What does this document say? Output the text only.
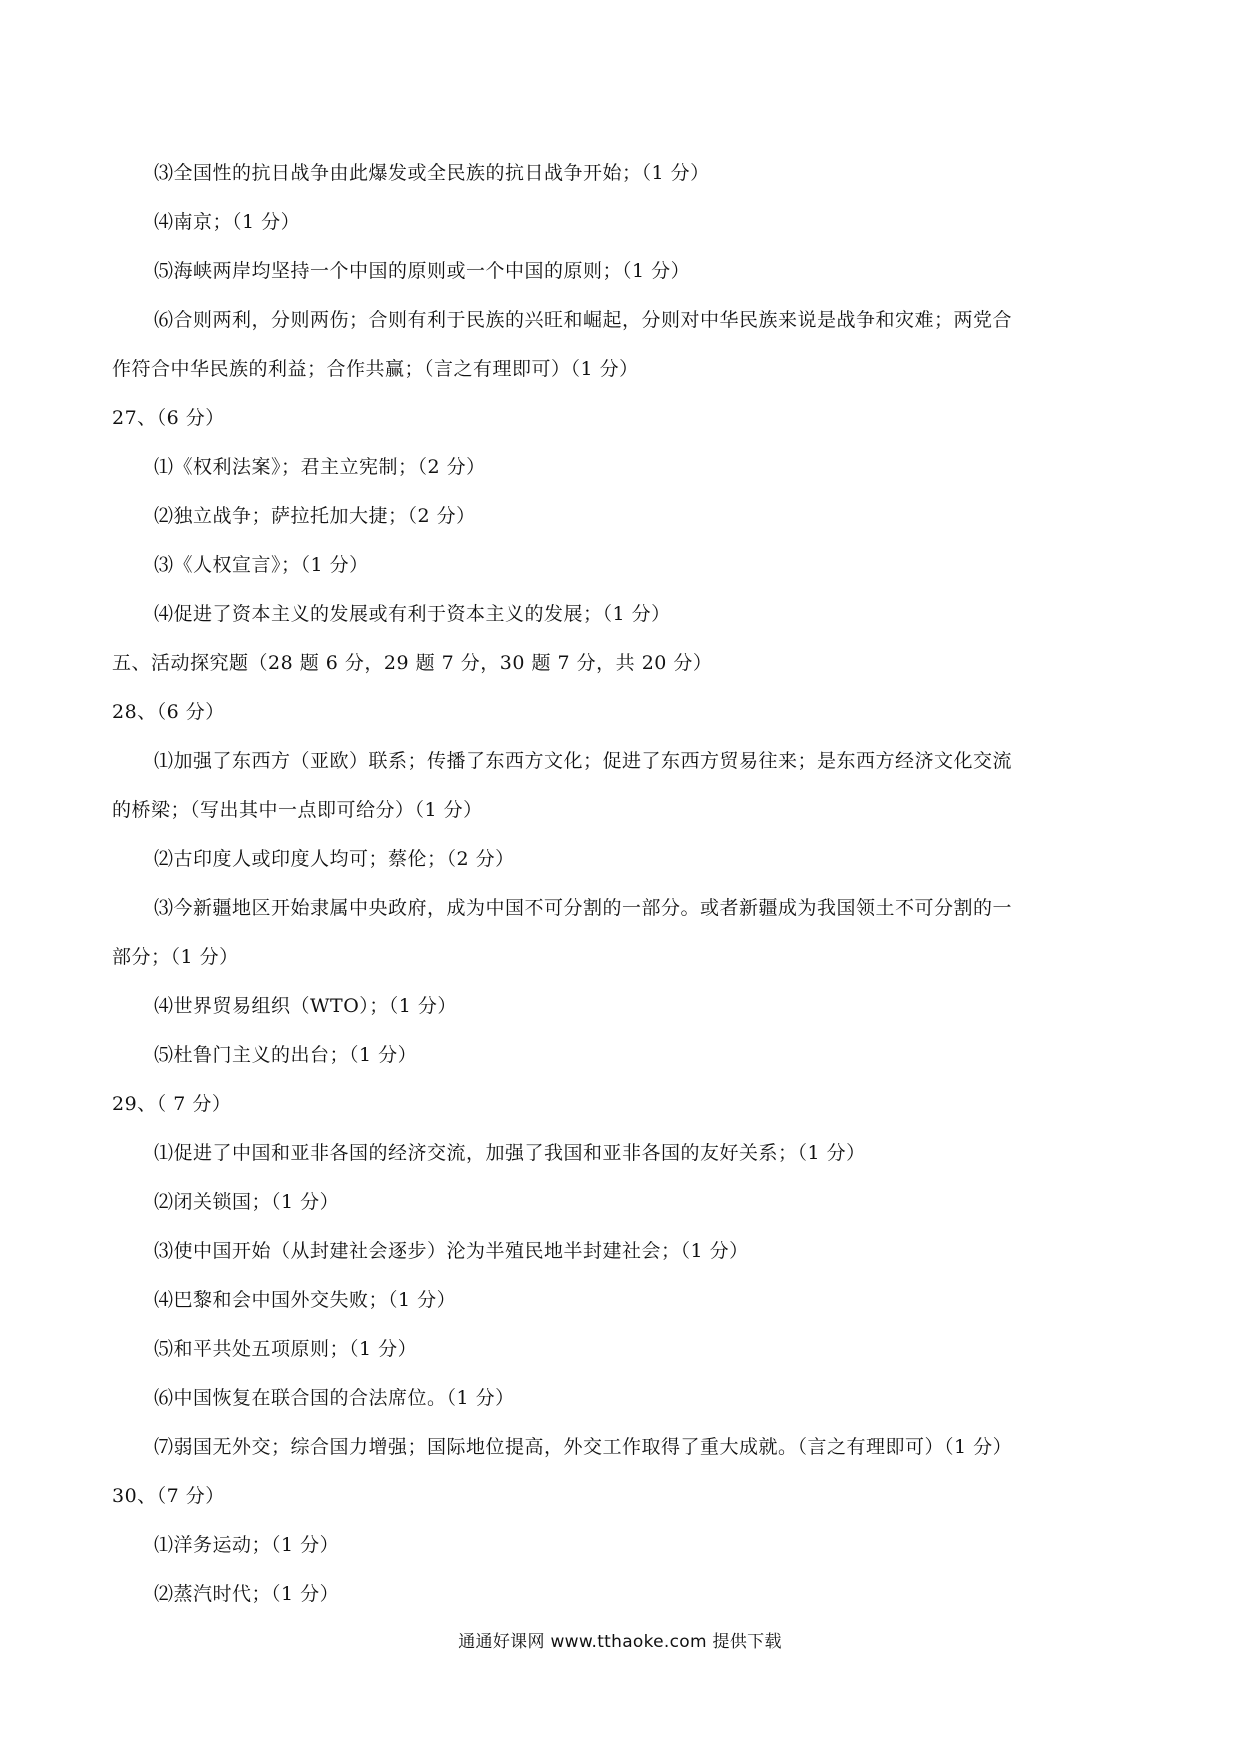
⑶全国性的抗日战争由此爆发或全民族的抗日战争开始；（1 分）
⑷南京；（1 分）
⑸海峡两岸均坚持一个中国的原则或一个中国的原则；（1 分）
⑹合则两利，分则两伤；合则有利于民族的兴旺和崛起，分则对中华民族来说是战争和灾难；两党合
作符合中华民族的利益；合作共赢；（言之有理即可）（1 分）
27、（6 分）
⑴《权利法案》；君主立宪制；（2 分）
⑵独立战争；萨拉托加大捷；（2 分）
⑶《人权宣言》；（1 分）
⑷促进了资本主义的发展或有利于资本主义的发展；（1 分）
五、活动探究题（28 题 6 分，29 题 7 分，30 题 7 分，共 20 分）
28、（6 分）
⑴加强了东西方（亚欧）联系；传播了东西方文化；促进了东西方贸易往来；是东西方经济文化交流
的桥梁；（写出其中一点即可给分）（1 分）
⑵古印度人或印度人均可；蔡伦；（2 分）
⑶今新疆地区开始隶属中央政府，成为中国不可分割的一部分。或者新疆成为我国领土不可分割的一
部分；（1 分）
⑷世界贸易组织（WTO）；（1 分）
⑸杜鲁门主义的出台；（1 分）
29、（ 7 分）
⑴促进了中国和亚非各国的经济交流，加强了我国和亚非各国的友好关系；（1 分）
⑵闭关锁国；（1 分）
⑶使中国开始（从封建社会逐步）沦为半殖民地半封建社会；（1 分）
⑷巴黎和会中国外交失败；（1 分）
⑸和平共处五项原则；（1 分）
⑹中国恢复在联合国的合法席位。（1 分）
⑺弱国无外交；综合国力增强；国际地位提高，外交工作取得了重大成就。（言之有理即可）（1 分）
30、（7 分）
⑴洋务运动；（1 分）
⑵蒸汽时代；（1 分）
通通好课网 www.tthaoke.com 提供下载
